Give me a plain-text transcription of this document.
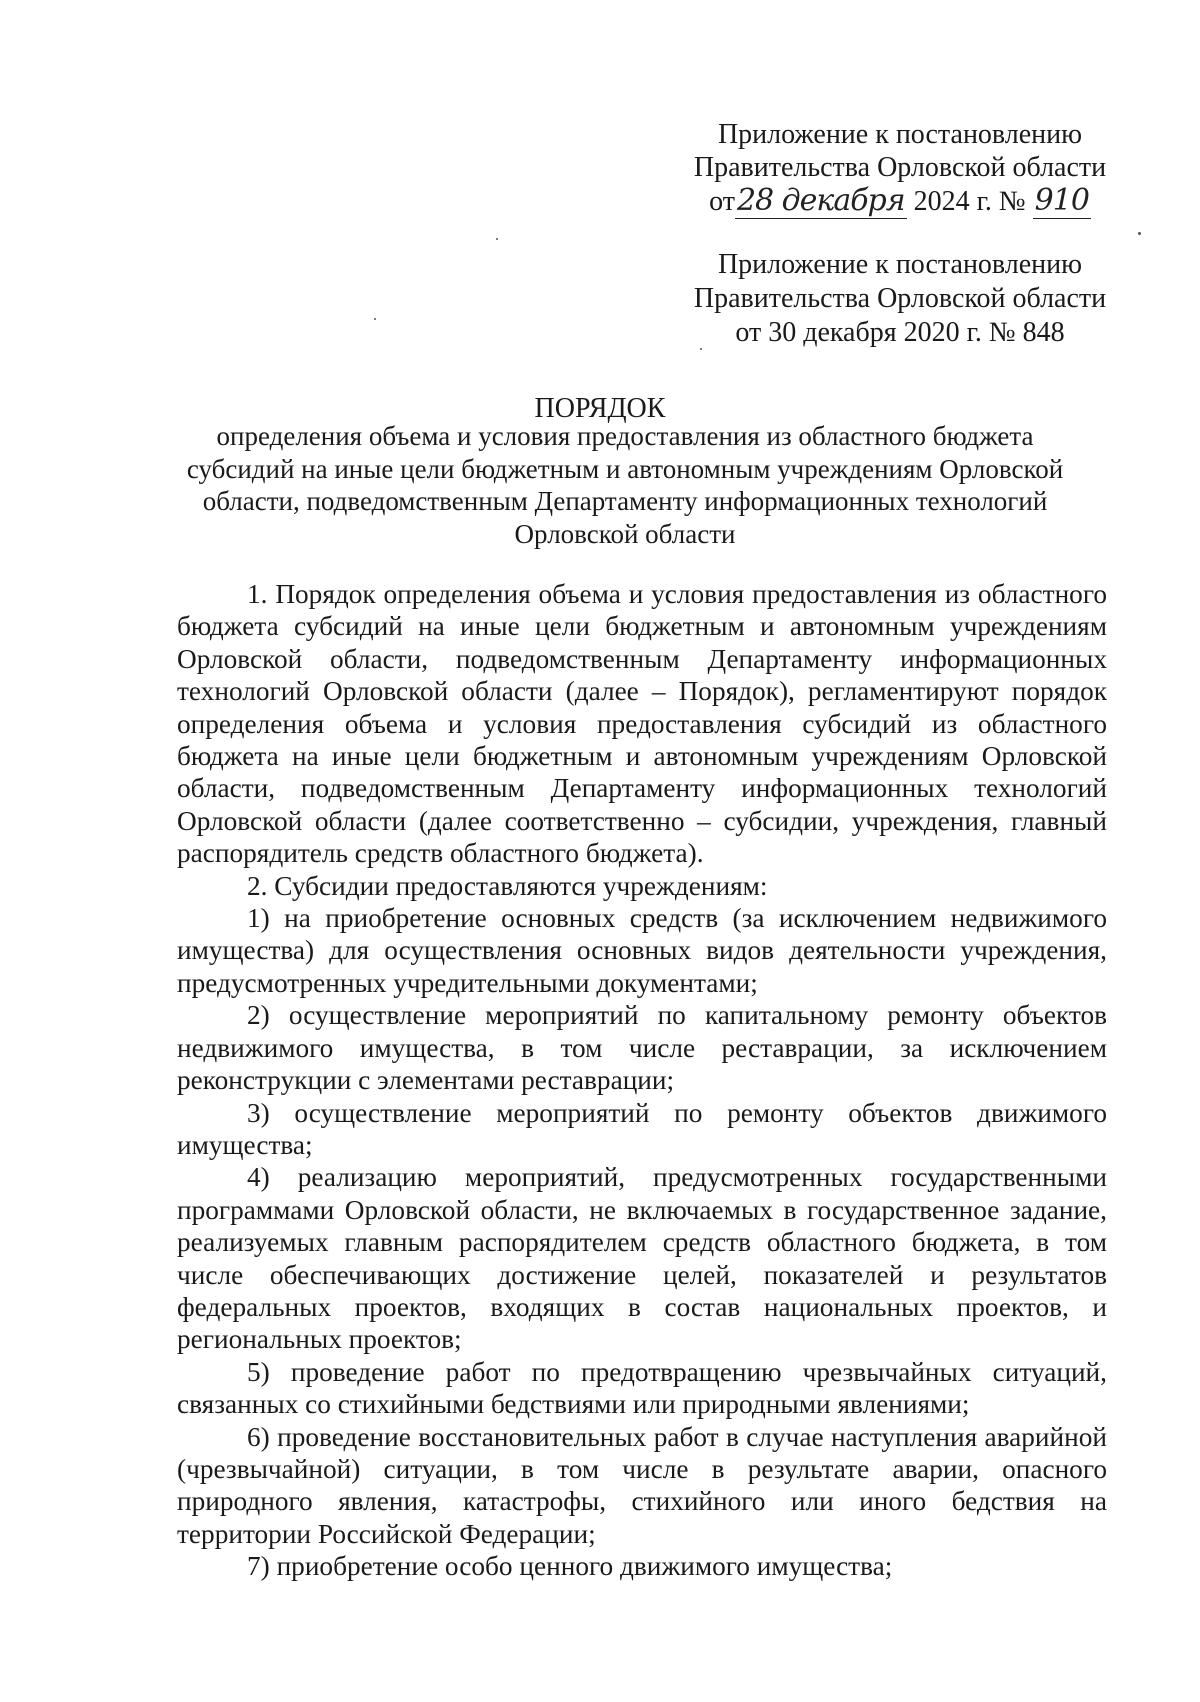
Приложение к постановлению
Правительства Орловской области
от28 декабря 2024 г. № 910
Приложение к постановлению
Правительства Орловской области
от 30 декабря 2020 г. № 848
ПОРЯДОК
определения объема и условия предоставления из областного бюджета субсидий на иные цели бюджетным и автономным учреждениям Орловской области, подведомственным Департаменту информационных технологий Орловской области

1. Порядок определения объема и условия предоставления из областного бюджета субсидий на иные цели бюджетным и автономным учреждениям Орловской области, подведомственным Департаменту информационных технологий Орловской области (далее – Порядок), регламентируют порядок определения объема и условия предоставления субсидий из областного бюджета на иные цели бюджетным и автономным учреждениям Орловской области, подведомственным Департаменту информационных технологий Орловской области (далее соответственно – субсидии, учреждения, главный распорядитель средств областного бюджета).

2. Субсидии предоставляются учреждениям:

1) на приобретение основных средств (за исключением недвижимого имущества) для осуществления основных видов деятельности учреждения, предусмотренных учредительными документами;

2) осуществление мероприятий по капитальному ремонту объектов недвижимого имущества, в том числе реставрации, за исключением реконструкции с элементами реставрации;

3) осуществление мероприятий по ремонту объектов движимого имущества;

4) реализацию мероприятий, предусмотренных государственными программами Орловской области, не включаемых в государственное задание, реализуемых главным распорядителем средств областного бюджета, в том числе обеспечивающих достижение целей, показателей и результатов федеральных проектов, входящих в состав национальных проектов, и региональных проектов;

5) проведение работ по предотвращению чрезвычайных ситуаций, связанных со стихийными бедствиями или природными явлениями;

6) проведение восстановительных работ в случае наступления аварийной (чрезвычайной) ситуации, в том числе в результате аварии, опасного природного явления, катастрофы, стихийного или иного бедствия на территории Российской Федерации;

7) приобретение особо ценного движимого имущества;
